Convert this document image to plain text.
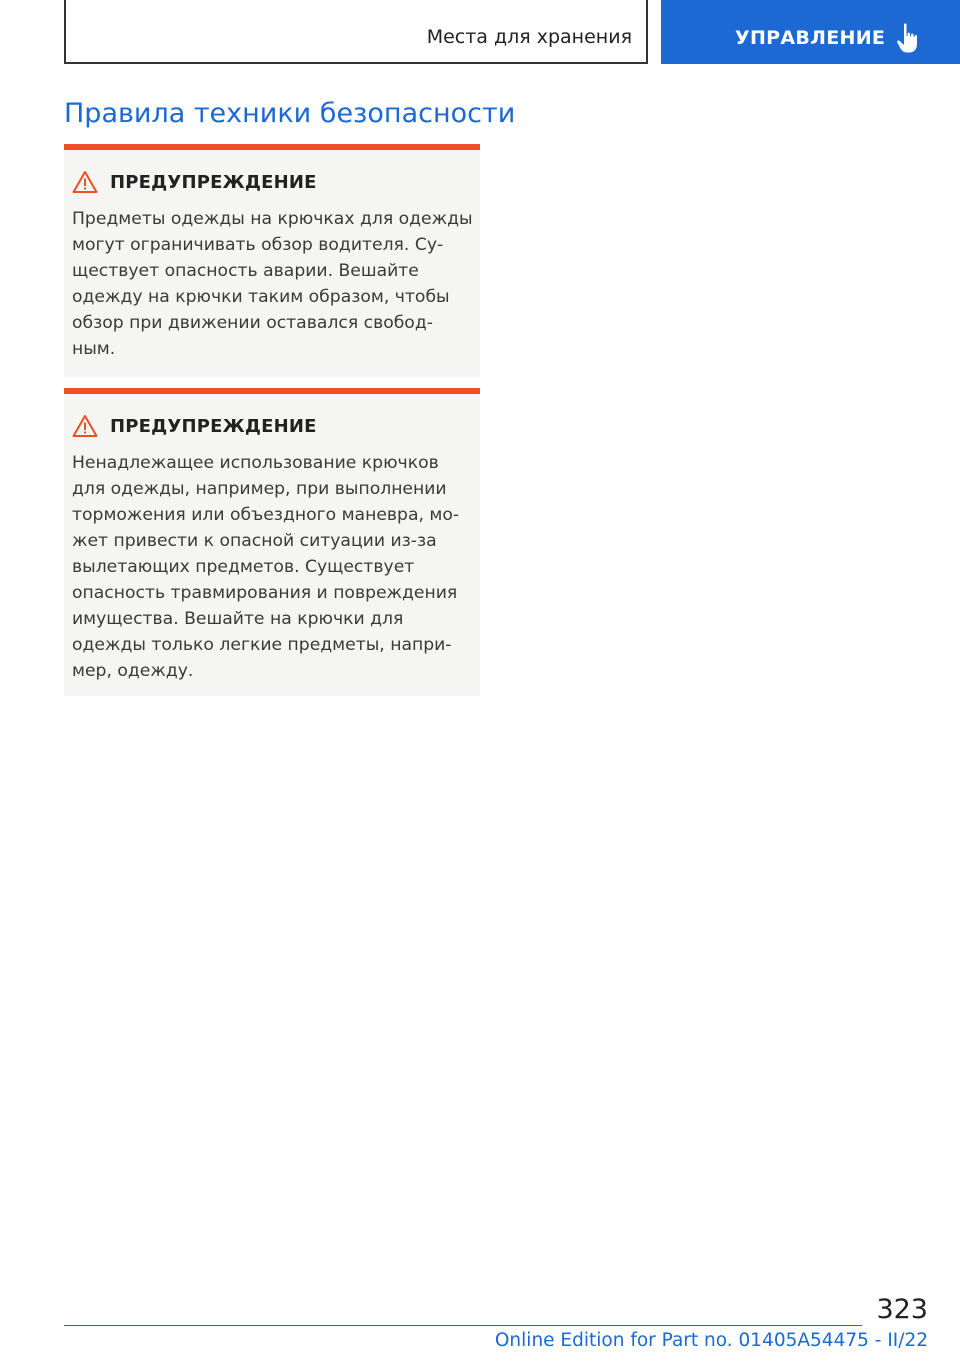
Места для хранения	УПРАВЛЕНИЕ
Правила техники безопасности
ПРЕДУПРЕЖДЕНИЕ

Предметы одежды на крючках для одежды могут ограничивать обзор водителя. Су-ществует опасность аварии. Вешайте одежду на крючки таким образом, чтобы обзор при движении оставался свобод-ным.

ПРЕДУПРЕЖДЕНИЕ

Ненадлежащее использование крючков для одежды, например, при выполнении торможения или объездного маневра, мо-жет привести к опасной ситуации из-за вылетающих предметов. Существует опасность травмирования и повреждения имущества. Вешайте на крючки для одежды только легкие предметы, напри-мер, одежду.

323
Online Edition for Part no. 01405A54475 - II/22
